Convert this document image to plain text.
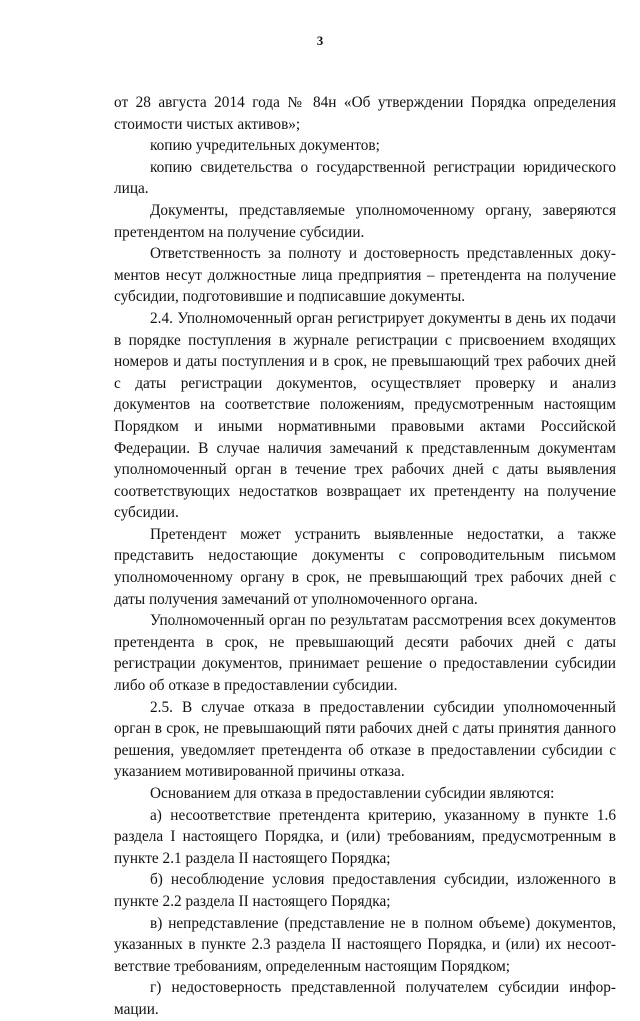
3

от 28 августа 2014 года № 84н «Об утверждении Порядка определения стоимости чистых активов»;

копию учредительных документов;

копию свидетельства о государственной регистрации юридического лица.

Документы, представляемые уполномоченному органу, заверяются претендентом на получение субсидии.

Ответственность за полноту и достоверность представленных документов несут должностные лица предприятия – претендента на получение субсидии, подготовившие и подписавшие документы.

2.4. Уполномоченный орган регистрирует документы в день их подачи в порядке поступления в журнале регистрации с присвоением входящих номеров и даты поступления и в срок, не превышающий трех рабочих дней с даты регистрации документов, осуществляет проверку и анализ документов на соответствие положениям, предусмотренным настоящим Порядком и иными нормативными правовыми актами Российской Федерации. В случае наличия замечаний к представленным документам уполномоченный орган в течение трех рабочих дней с даты выявления соответствующих недостатков возвращает их претенденту на получение субсидии.

Претендент может устранить выявленные недостатки, а также представить недостающие документы с сопроводительным письмом уполномоченному органу в срок, не превышающий трех рабочих дней с даты получения замечаний от уполномоченного органа.

Уполномоченный орган по результатам рассмотрения всех документов претендента в срок, не превышающий десяти рабочих дней с даты регистрации документов, принимает решение о предоставлении субсидии либо об отказе в предоставлении субсидии.

2.5. В случае отказа в предоставлении субсидии уполномоченный орган в срок, не превышающий пяти рабочих дней с даты принятия данного решения, уведомляет претендента об отказе в предоставлении субсидии с указанием мотивированной причины отказа.

Основанием для отказа в предоставлении субсидии являются:

а) несоответствие претендента критерию, указанному в пункте 1.6 раздела I настоящего Порядка, и (или) требованиям, предусмотренным в пункте 2.1 раздела II настоящего Порядка;

б) несоблюдение условия предоставления субсидии, изложенного в пункте 2.2 раздела II настоящего Порядка;

в) непредставление (представление не в полном объеме) документов, указанных в пункте 2.3 раздела II настоящего Порядка, и (или) их несоответствие требованиям, определенным настоящим Порядком;

г) недостоверность представленной получателем субсидии информации.
